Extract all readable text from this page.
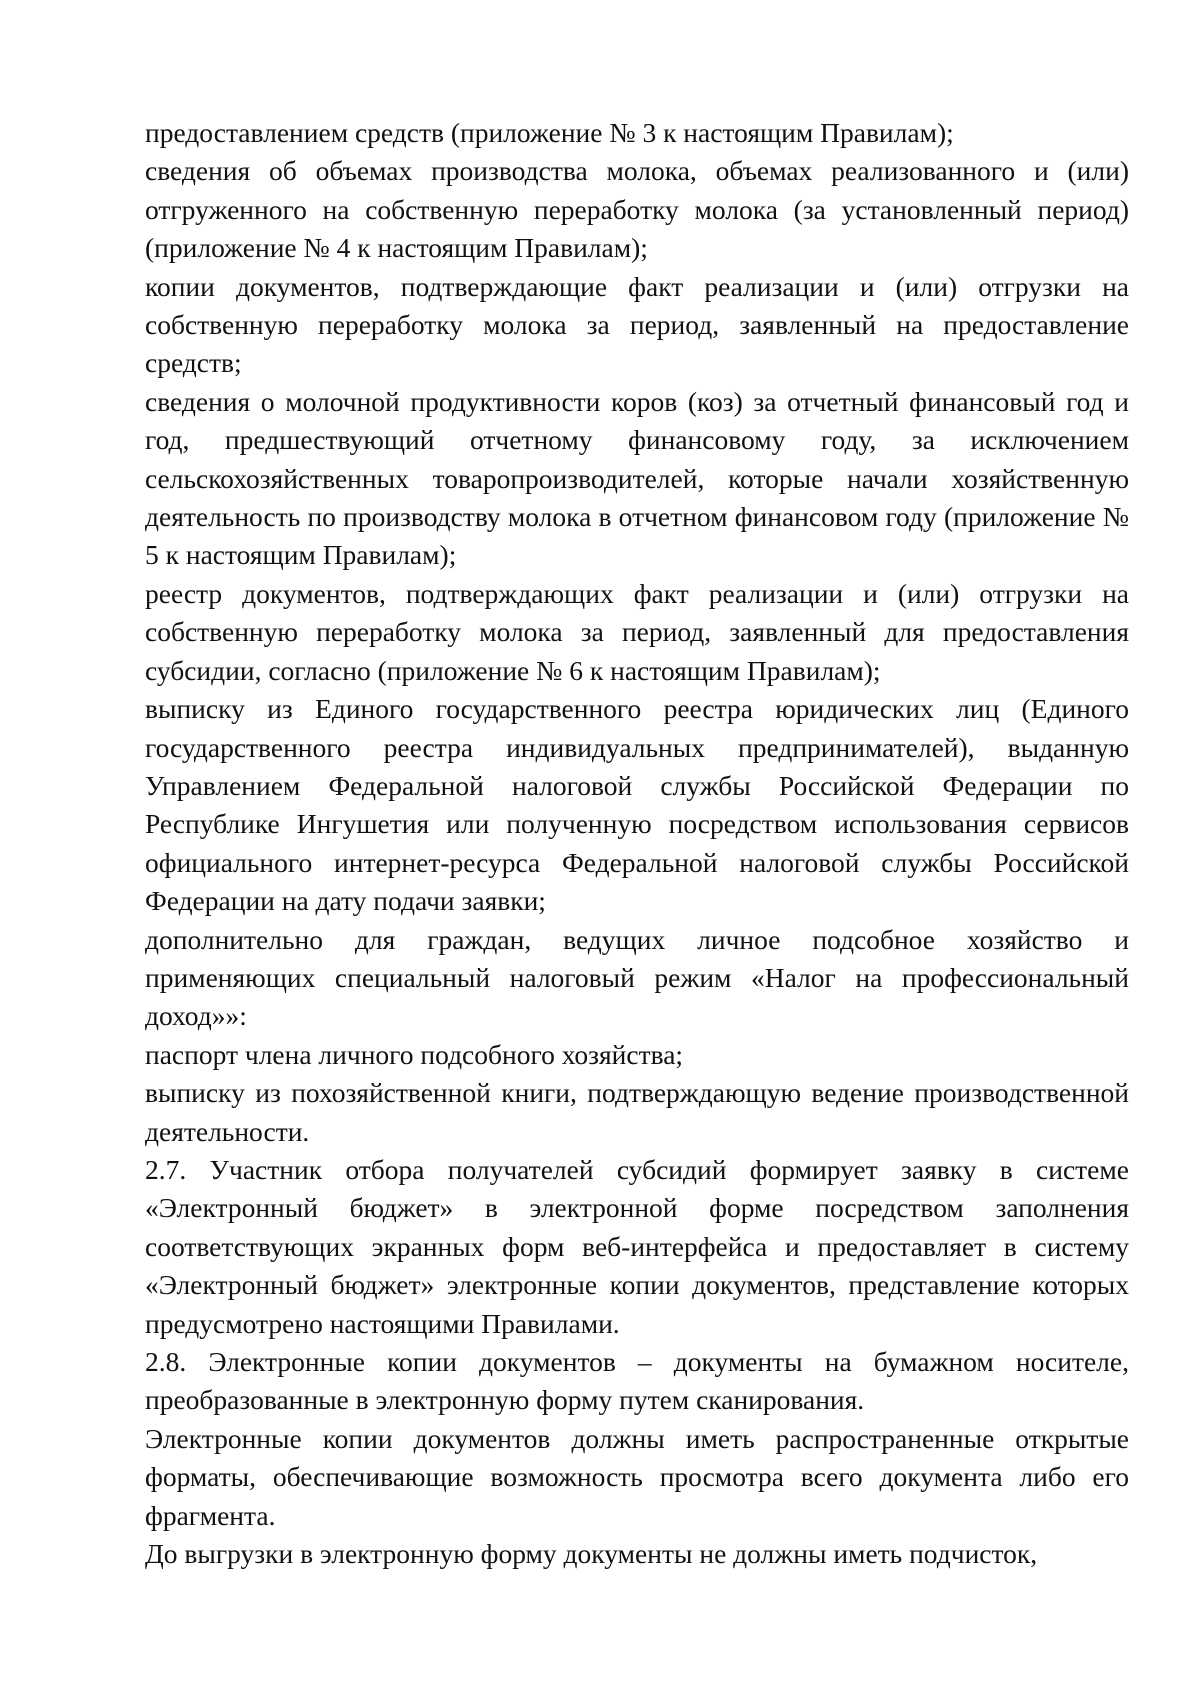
предоставлением средств (приложение № 3 к настоящим Правилам);

сведения об объемах производства молока, объемах реализованного и (или) отгруженного на собственную переработку молока (за установленный период) (приложение № 4 к настоящим Правилам);

копии документов, подтверждающие факт реализации и (или) отгрузки на собственную переработку молока за период, заявленный на предоставление средств;

сведения о молочной продуктивности коров (коз) за отчетный финансовый год и год, предшествующий отчетному финансовому году, за исключением сельскохозяйственных товаропроизводителей, которые начали хозяйственную деятельность по производству молока в отчетном финансовом году (приложение № 5 к настоящим Правилам);

реестр документов, подтверждающих факт реализации и (или) отгрузки на собственную переработку молока за период, заявленный для предоставления субсидии, согласно (приложение № 6 к настоящим Правилам);

выписку из Единого государственного реестра юридических лиц (Единого государственного реестра индивидуальных предпринимателей), выданную Управлением Федеральной налоговой службы Российской Федерации по Республике Ингушетия или полученную посредством использования сервисов официального интернет-ресурса Федеральной налоговой службы Российской Федерации на дату подачи заявки;

дополнительно для граждан, ведущих личное подсобное хозяйство и применяющих специальный налоговый режим «Налог на профессиональный доход»»:

паспорт члена личного подсобного хозяйства;

выписку из похозяйственной книги, подтверждающую ведение производственной деятельности.

2.7. Участник отбора получателей субсидий формирует заявку в системе «Электронный бюджет» в электронной форме посредством заполнения соответствующих экранных форм веб-интерфейса и предоставляет в систему «Электронный бюджет» электронные копии документов, представление которых предусмотрено настоящими Правилами.

2.8. Электронные копии документов – документы на бумажном носителе, преобразованные в электронную форму путем сканирования.

Электронные копии документов должны иметь распространенные открытые форматы, обеспечивающие возможность просмотра всего документа либо его фрагмента.

До выгрузки в электронную форму документы не должны иметь подчисток,
